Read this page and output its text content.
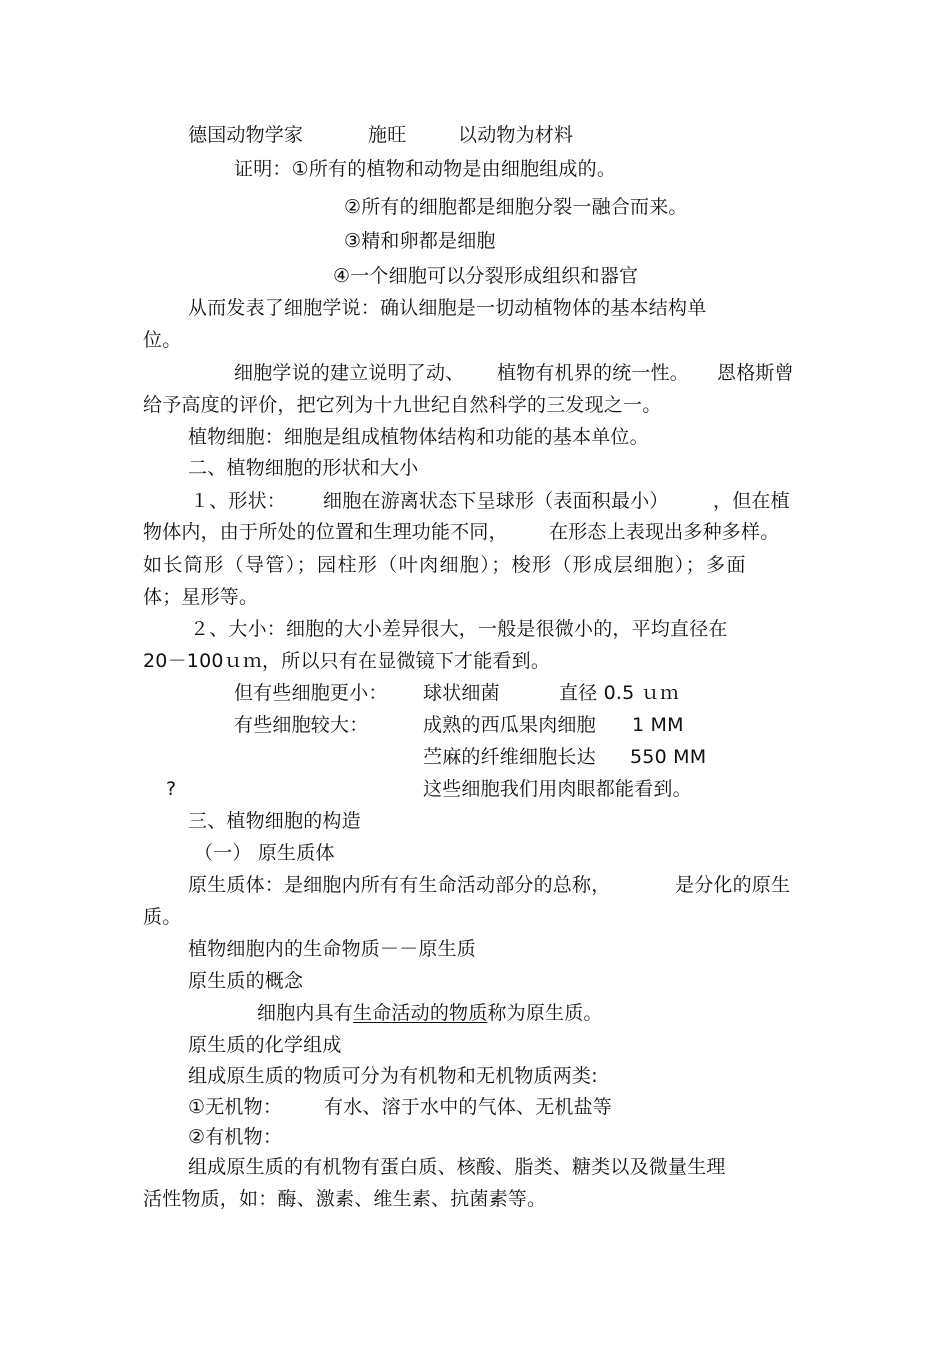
德国动物学家	施旺	以动物为材料
证明：①所有的植物和动物是由细胞组成的。
②所有的细胞都是细胞分裂一融合而来。
③精和卵都是细胞
④一个细胞可以分裂形成组织和器官
从而发表了细胞学说：确认细胞是一切动植物体的基本结构单
位。
细胞学说的建立说明了动、 植物有机界的统一性。 恩格斯曾
给予高度的评价，把它列为十九世纪自然科学的三发现之一。
植物细胞：细胞是组成植物体结构和功能的基本单位。
二、植物细胞的形状和大小
１、形状： 细胞在游离状态下呈球形（表面积最小） ，但在植
物体内，由于所处的位置和生理功能不同， 在形态上表现出多种多样。
如长筒形（导管）；园柱形（叶肉细胞）；梭形（形成层细胞）；多面
体；星形等。
２、大小：细胞的大小差异很大，一般是很微小的，平均直径在
20－100ｕｍ，所以只有在显微镜下才能看到。
但有些细胞更小： 球状细菌	直径 0.5 ｕｍ
有些细胞较大：	成熟的西瓜果肉细胞 1 MM
苎麻的纤维细胞长达 550 MM
?	这些细胞我们用肉眼都能看到。
三、植物细胞的构造
（一） 原生质体
原生质体：是细胞内所有有生命活动部分的总称，	是分化的原生
质。
植物细胞内的生命物质－－原生质
原生质的概念
细胞内具有生命活动的物质称为原生质。
原生质的化学组成
组成原生质的物质可分为有机物和无机物质两类:
①无机物： 有水、溶于水中的气体、无机盐等
②有机物：
组成原生质的有机物有蛋白质、核酸、脂类、糖类以及微量生理
活性物质，如：酶、激素、维生素、抗菌素等。
